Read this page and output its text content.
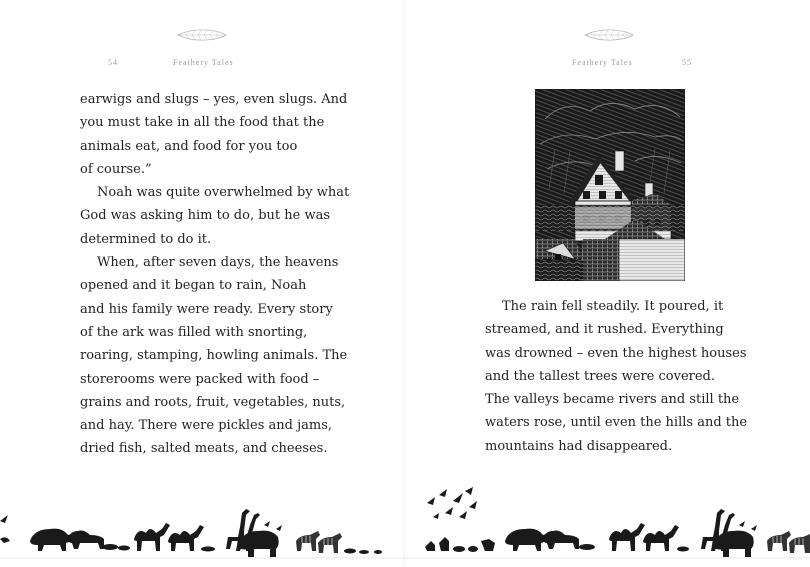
54	Feathery Tales
earwigs and slugs – yes, even slugs. And
you must take in all the food that the
animals eat, and food for you too
of course.”
Noah was quite overwhelmed by what
God was asking him to do, but he was
determined to do it.
When, after seven days, the heavens
opened and it began to rain, Noah
and his family were ready. Every story
of the ark was filled with snorting,
roaring, stamping, howling animals. The
storerooms were packed with food –
grains and roots, fruit, vegetables, nuts,
and hay. There were pickles and jams,
dried fish, salted meats, and cheeses.
Feathery Tales	55
The rain fell steadily. It poured, it
streamed, and it rushed. Everything
was drowned – even the highest houses
and the tallest trees were covered.
The valleys became rivers and still the
waters rose, until even the hills and the
mountains had disappeared.
